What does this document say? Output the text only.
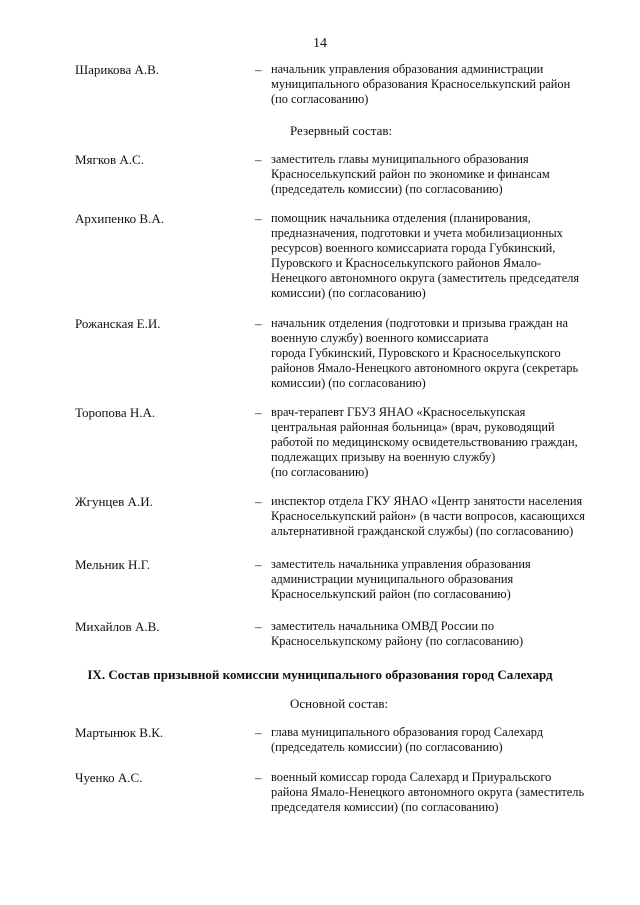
14
Шарикова А.В.	– начальник управления образования администрации
муниципального образования Красноселькупский район
(по согласованию)
Резервный состав:
Мягков А.С.	– заместитель главы муниципального образования
Красноселькупский район по экономике и финансам
(председатель комиссии) (по согласованию)
Архипенко В.А.	– помощник начальника отделения (планирования,
предназначения, подготовки и учета мобилизационных
ресурсов) военного комиссариата города Губкинский,
Пуровского и Красноселькупского районов Ямало-
Ненецкого автономного округа (заместитель председателя
комиссии) (по согласованию)
Рожанская Е.И.	– начальник отделения (подготовки и призыва граждан на
военную службу) военного комиссариата
города Губкинский, Пуровского и Красноселькупского
районов Ямало-Ненецкого автономного округа (секретарь
комиссии) (по согласованию)
Торопова Н.А.	– врач-терапевт ГБУЗ ЯНАО «Красноселькупская
центральная районная больница» (врач, руководящий
работой по медицинскому освидетельствованию граждан,
подлежащих призыву на военную службу)
(по согласованию)
Жгунцев А.И.	– инспектор отдела ГКУ ЯНАО «Центр занятости населения
Красноселькупский район» (в части вопросов, касающихся
альтернативной гражданской службы) (по согласованию)
Мельник Н.Г.	– заместитель начальника управления образования
администрации муниципального образования
Красноселькупский район (по согласованию)
Михайлов А.В.	– заместитель начальника ОМВД России по
Красноселькупскому району (по согласованию)
IX. Состав призывной комиссии муниципального образования город Салехард
Основной состав:
Мартынюк В.К.	– глава муниципального образования город Салехард
(председатель комиссии) (по согласованию)
Чуенко А.С.	– военный комиссар города Салехард и Приуральского
района Ямало-Ненецкого автономного округа (заместитель
председателя комиссии) (по согласованию)
